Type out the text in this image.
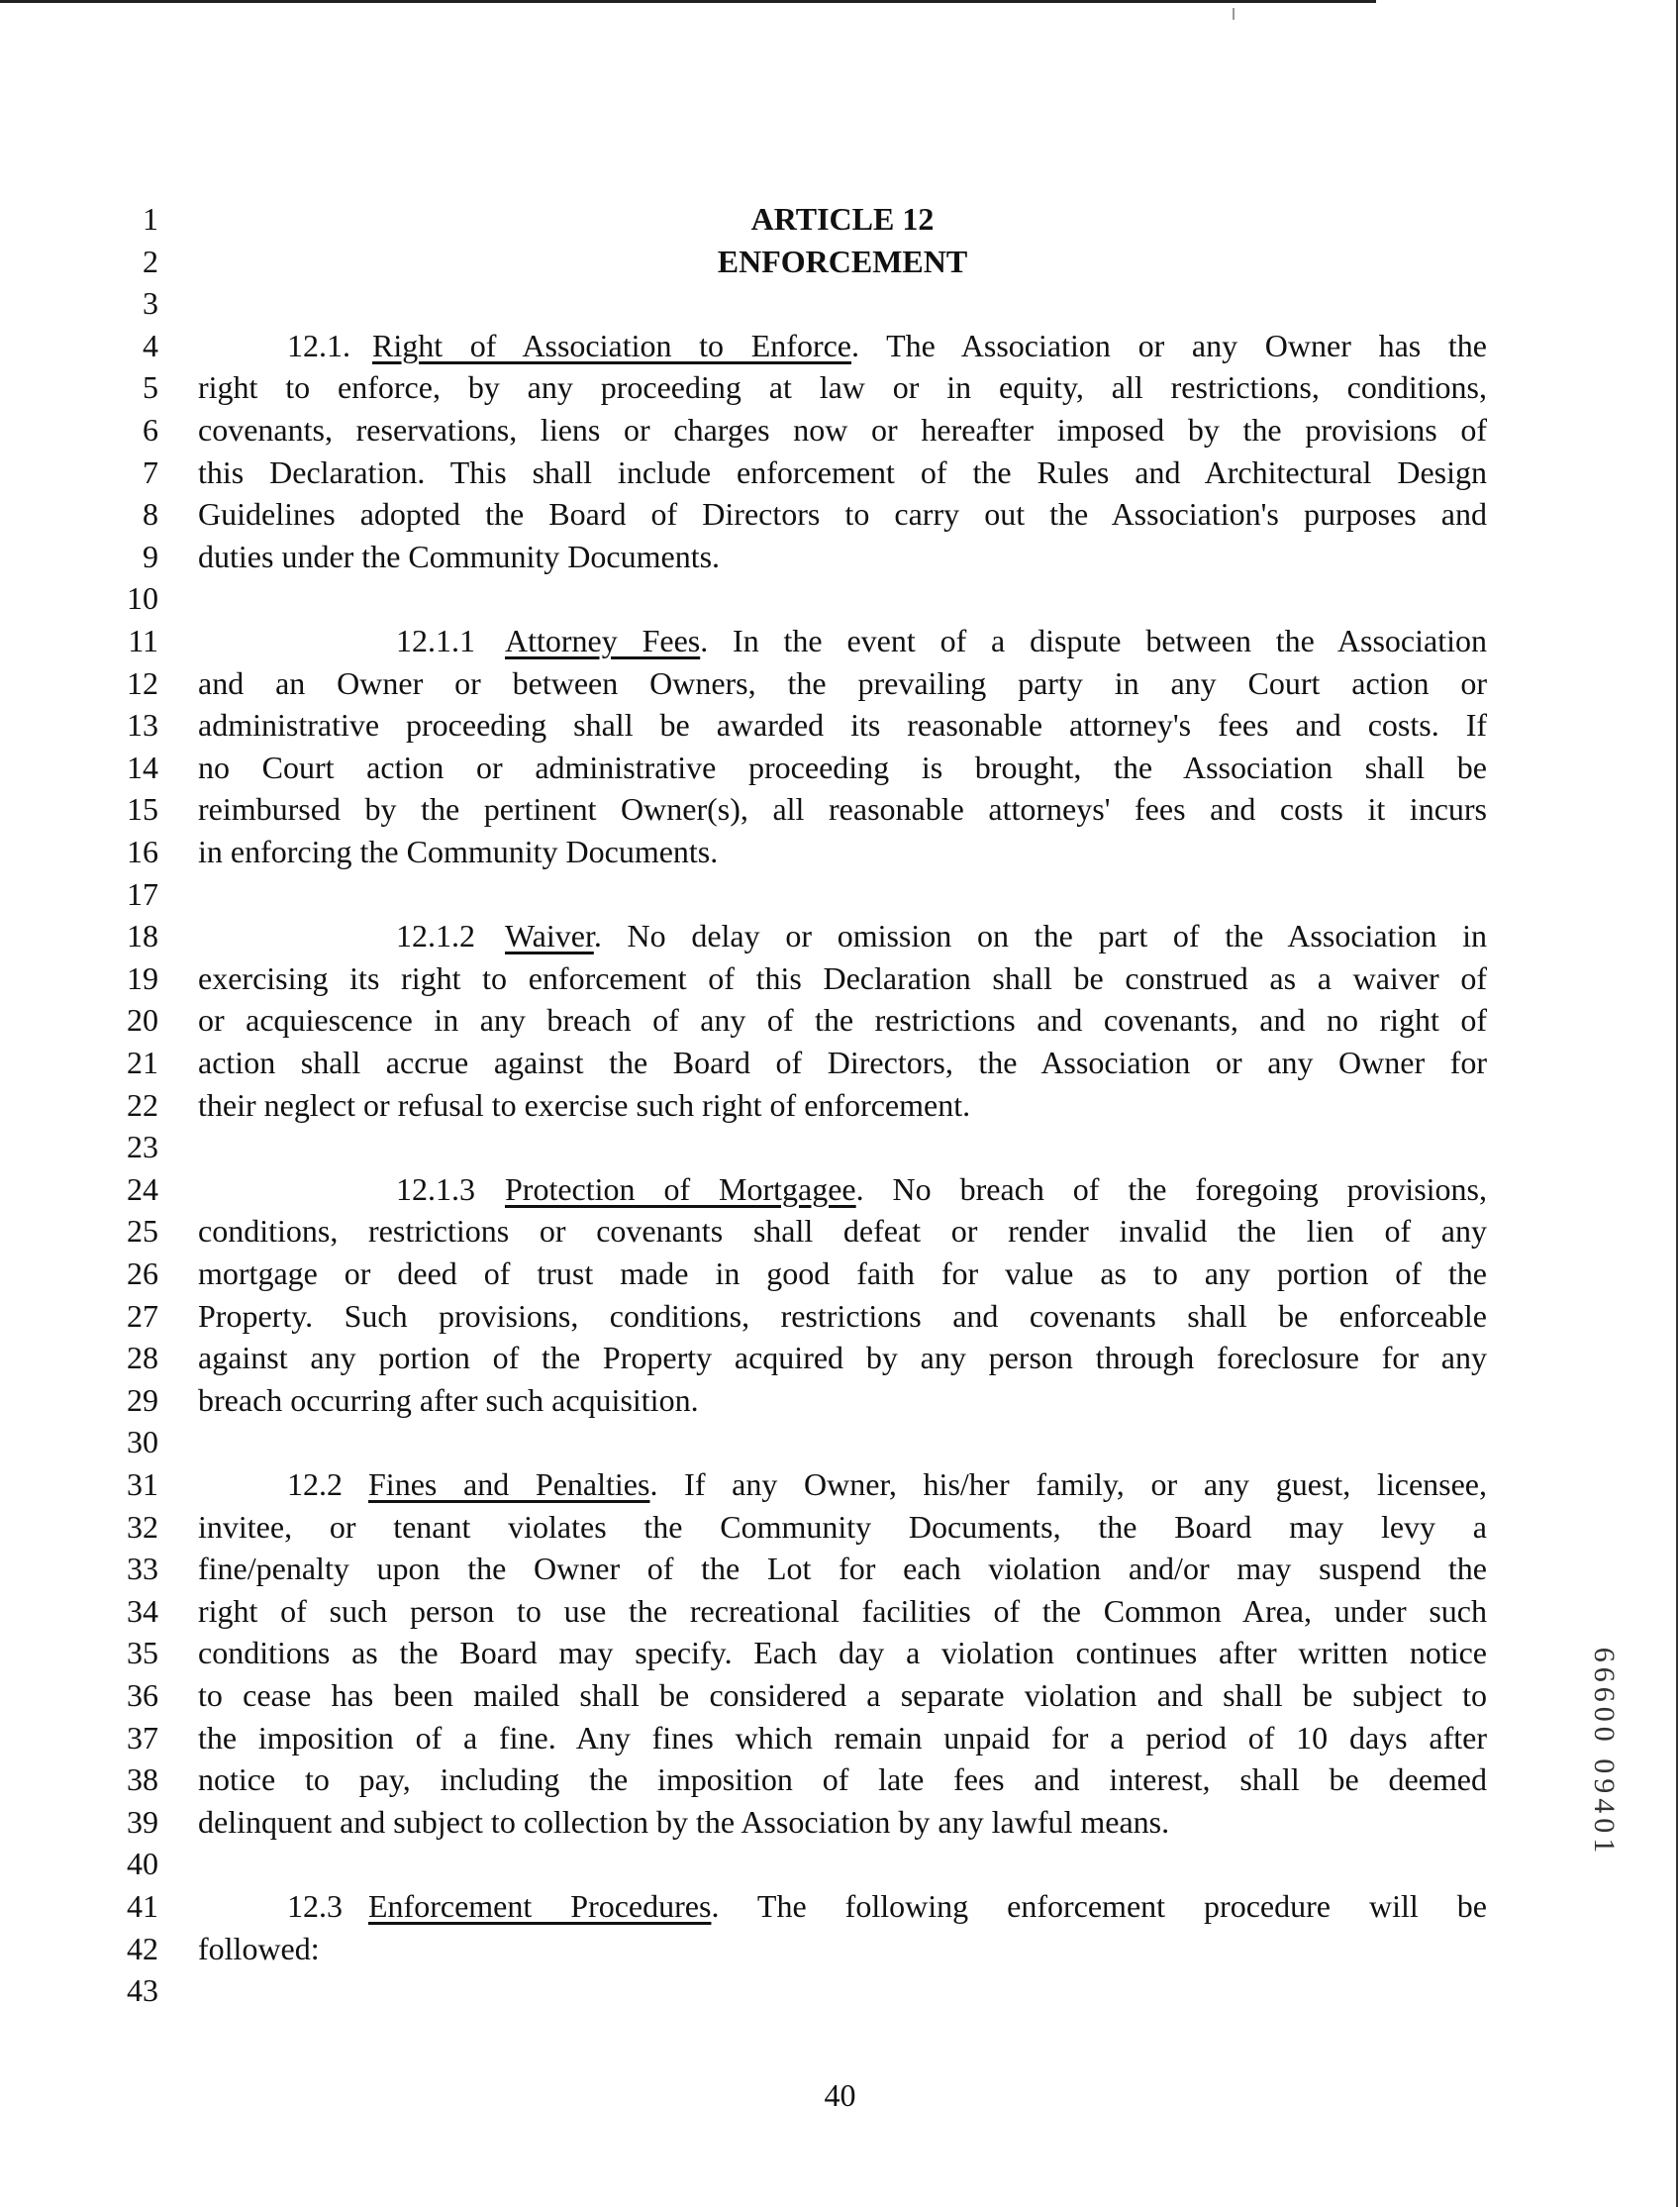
1	ARTICLE 12
2	ENFORCEMENT
3
4	12.1. Right of Association to Enforce. The Association or any Owner has the
5 right to enforce, by any proceeding at law or in equity, all restrictions, conditions,
6 covenants, reservations, liens or charges now or hereafter imposed by the provisions of
7 this Declaration. This shall include enforcement of the Rules and Architectural Design
8 Guidelines adopted the Board of Directors to carry out the Association's purposes and
9 duties under the Community Documents.
10
11	12.1.1 Attorney Fees. In the event of a dispute between the Association
12 and an Owner or between Owners, the prevailing party in any Court action or
13 administrative proceeding shall be awarded its reasonable attorney's fees and costs. If
14 no Court action or administrative proceeding is brought, the Association shall be
15 reimbursed by the pertinent Owner(s), all reasonable attorneys' fees and costs it incurs
16 in enforcing the Community Documents.
17
18	12.1.2 Waiver. No delay or omission on the part of the Association in
19 exercising its right to enforcement of this Declaration shall be construed as a waiver of
20 or acquiescence in any breach of any of the restrictions and covenants, and no right of
21 action shall accrue against the Board of Directors, the Association or any Owner for
22 their neglect or refusal to exercise such right of enforcement.
23
24	12.1.3 Protection of Mortgagee. No breach of the foregoing provisions,
25 conditions, restrictions or covenants shall defeat or render invalid the lien of any
26 mortgage or deed of trust made in good faith for value as to any portion of the
27 Property. Such provisions, conditions, restrictions and covenants shall be enforceable
28 against any portion of the Property acquired by any person through foreclosure for any
29 breach occurring after such acquisition.
30
31	12.2 Fines and Penalties. If any Owner, his/her family, or any guest, licensee,
32 invitee, or tenant violates the Community Documents, the Board may levy a
33 fine/penalty upon the Owner of the Lot for each violation and/or may suspend the
34 right of such person to use the recreational facilities of the Common Area, under such
35 conditions as the Board may specify. Each day a violation continues after written notice
36 to cease has been mailed shall be considered a separate violation and shall be subject to
37 the imposition of a fine. Any fines which remain unpaid for a period of 10 days after
38 notice to pay, including the imposition of late fees and interest, shall be deemed
39 delinquent and subject to collection by the Association by any lawful means.
40
41	12.3 Enforcement Procedures. The following enforcement procedure will be
42 followed:
43
40
66600 09401
